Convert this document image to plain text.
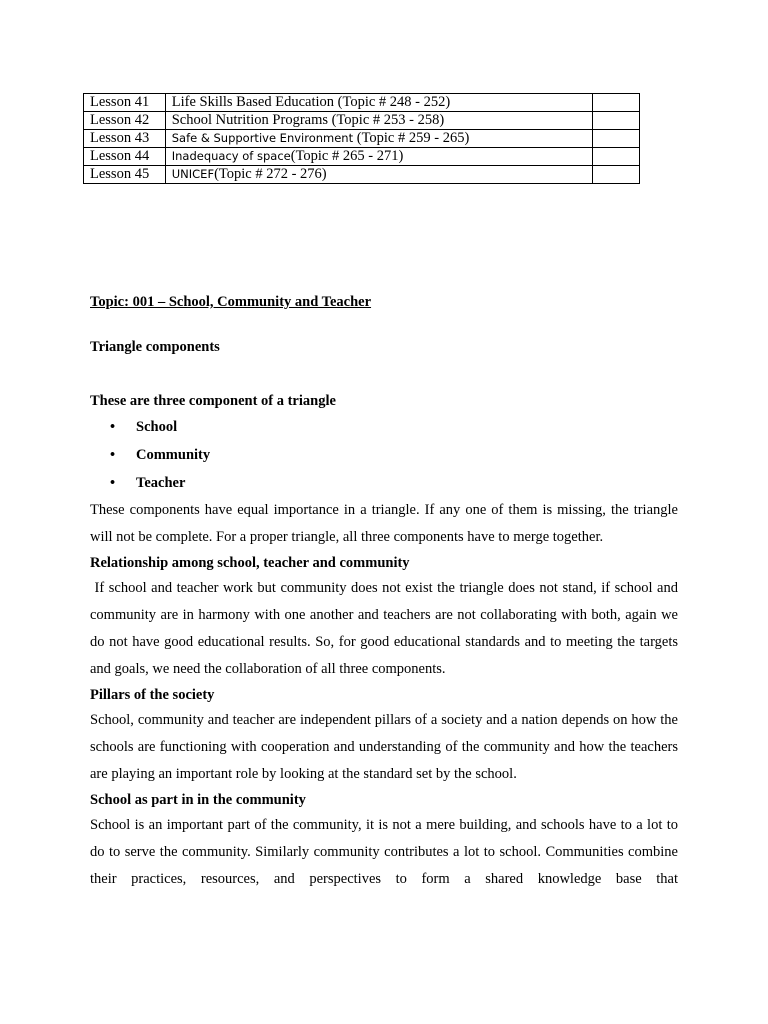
Lesson 41	Life Skills Based Education (Topic # 248 - 252)	
Lesson 42	School Nutrition Programs (Topic # 253 - 258)	
Lesson 43	Safe & Supportive Environment (Topic # 259 - 265)	
Lesson 44	Inadequacy of space(Topic # 265 - 271)	
Lesson 45	UNICEF(Topic # 272 - 276)	

Topic: 001 – School, Community and Teacher

Triangle components

These are three component of a triangle

• School
• Community
• Teacher

These components have equal importance in a triangle. If any one of them is missing, the triangle will not be complete. For a proper triangle, all three components have to merge together.

Relationship among school, teacher and community

If school and teacher work but community does not exist the triangle does not stand, if school and community are in harmony with one another and teachers are not collaborating with both, again we do not have good educational results. So, for good educational standards and to meeting the targets and goals, we need the collaboration of all three components.

Pillars of the society

School, community and teacher are independent pillars of a society and a nation depends on how the schools are functioning with cooperation and understanding of the community and how the teachers are playing an important role by looking at the standard set by the school.

School as part in in the community

School is an important part of the community, it is not a mere building, and schools have to a lot to do to serve the community. Similarly community contributes a lot to school. Communities combine their practices, resources, and perspectives to form a shared knowledge base that
